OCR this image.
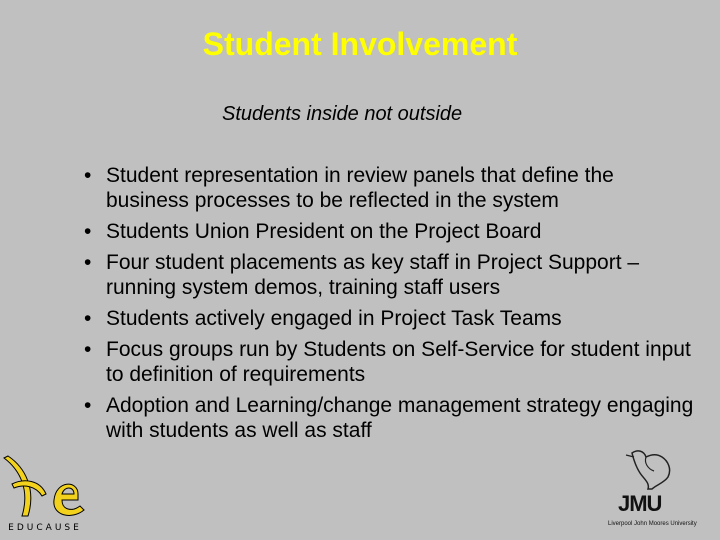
Student Involvement
Students inside not outside
• Student representation in review panels that define the business processes to be reflected in the system
• Students Union President on the Project Board
• Four student placements as key staff in Project Support – running system demos, training staff users
• Students actively engaged in Project Task Teams
• Focus groups run by Students on Self-Service for student input to definition of requirements
• Adoption and Learning/change management strategy engaging with students as well as staff
EDUCAUSE
JMU
Liverpool John Moores University
